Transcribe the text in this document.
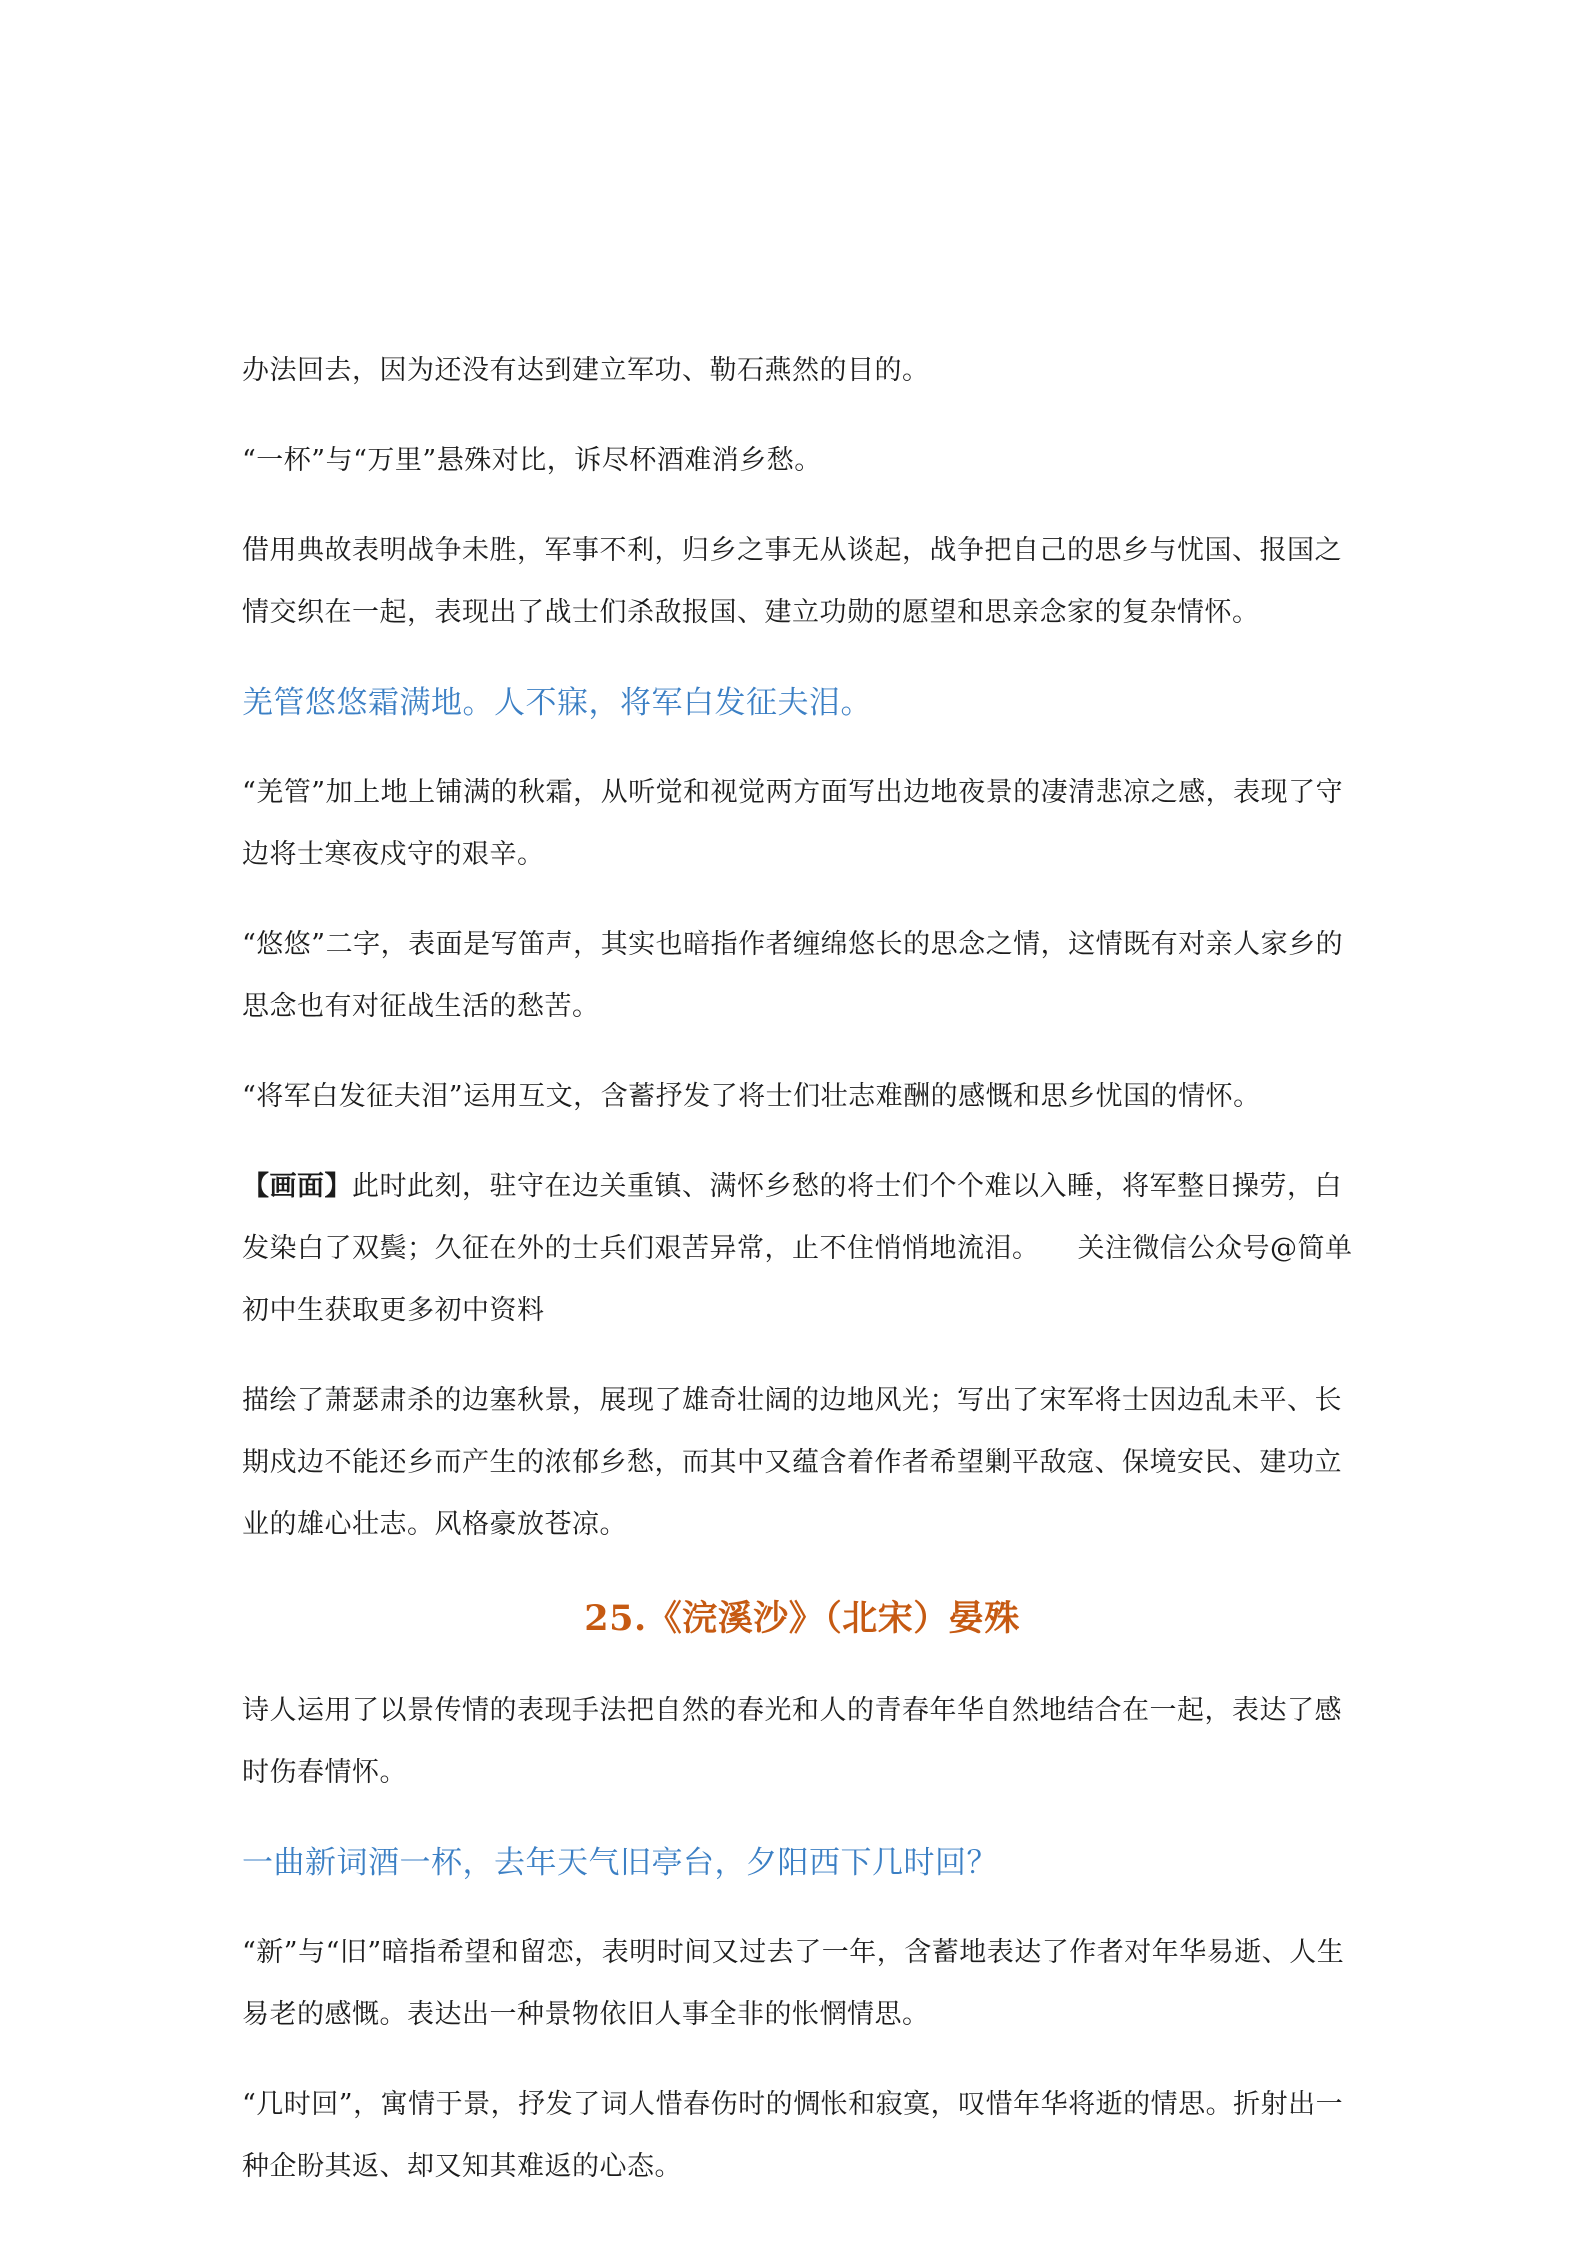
办法回去，因为还没有达到建立军功、勒石燕然的目的。

“一杯”与“万里”悬殊对比，诉尽杯酒难消乡愁。

借用典故表明战争未胜，军事不利，归乡之事无从谈起，战争把自己的思乡与忧国、报国之情交织在一起，表现出了战士们杀敌报国、建立功勋的愿望和思亲念家的复杂情怀。

羌管悠悠霜满地。人不寐，将军白发征夫泪。

“羌管”加上地上铺满的秋霜，从听觉和视觉两方面写出边地夜景的凄清悲凉之感，表现了守边将士寒夜戍守的艰辛。

“悠悠”二字，表面是写笛声，其实也暗指作者缠绵悠长的思念之情，这情既有对亲人家乡的思念也有对征战生活的愁苦。

“将军白发征夫泪”运用互文，含蓄抒发了将士们壮志难酬的感慨和思乡忧国的情怀。

【画面】此时此刻，驻守在边关重镇、满怀乡愁的将士们个个难以入睡，将军整日操劳，白发染白了双鬓；久征在外的士兵们艰苦异常，止不住悄悄地流泪。 关注微信公众号@简单初中生获取更多初中资料

描绘了萧瑟肃杀的边塞秋景，展现了雄奇壮阔的边地风光；写出了宋军将士因边乱未平、长期戍边不能还乡而产生的浓郁乡愁，而其中又蕴含着作者希望剿平敌寇、保境安民、建功立业的雄心壮志。风格豪放苍凉。

25.《浣溪沙》（北宋）晏殊

诗人运用了以景传情的表现手法把自然的春光和人的青春年华自然地结合在一起，表达了感时伤春情怀。

一曲新词酒一杯，去年天气旧亭台，夕阳西下几时回？

“新”与“旧”暗指希望和留恋，表明时间又过去了一年，含蓄地表达了作者对年华易逝、人生易老的感慨。表达出一种景物依旧人事全非的怅惘情思。

“几时回”，寓情于景，抒发了词人惜春伤时的惆怅和寂寞，叹惜年华将逝的情思。折射出一种企盼其返、却又知其难返的心态。
